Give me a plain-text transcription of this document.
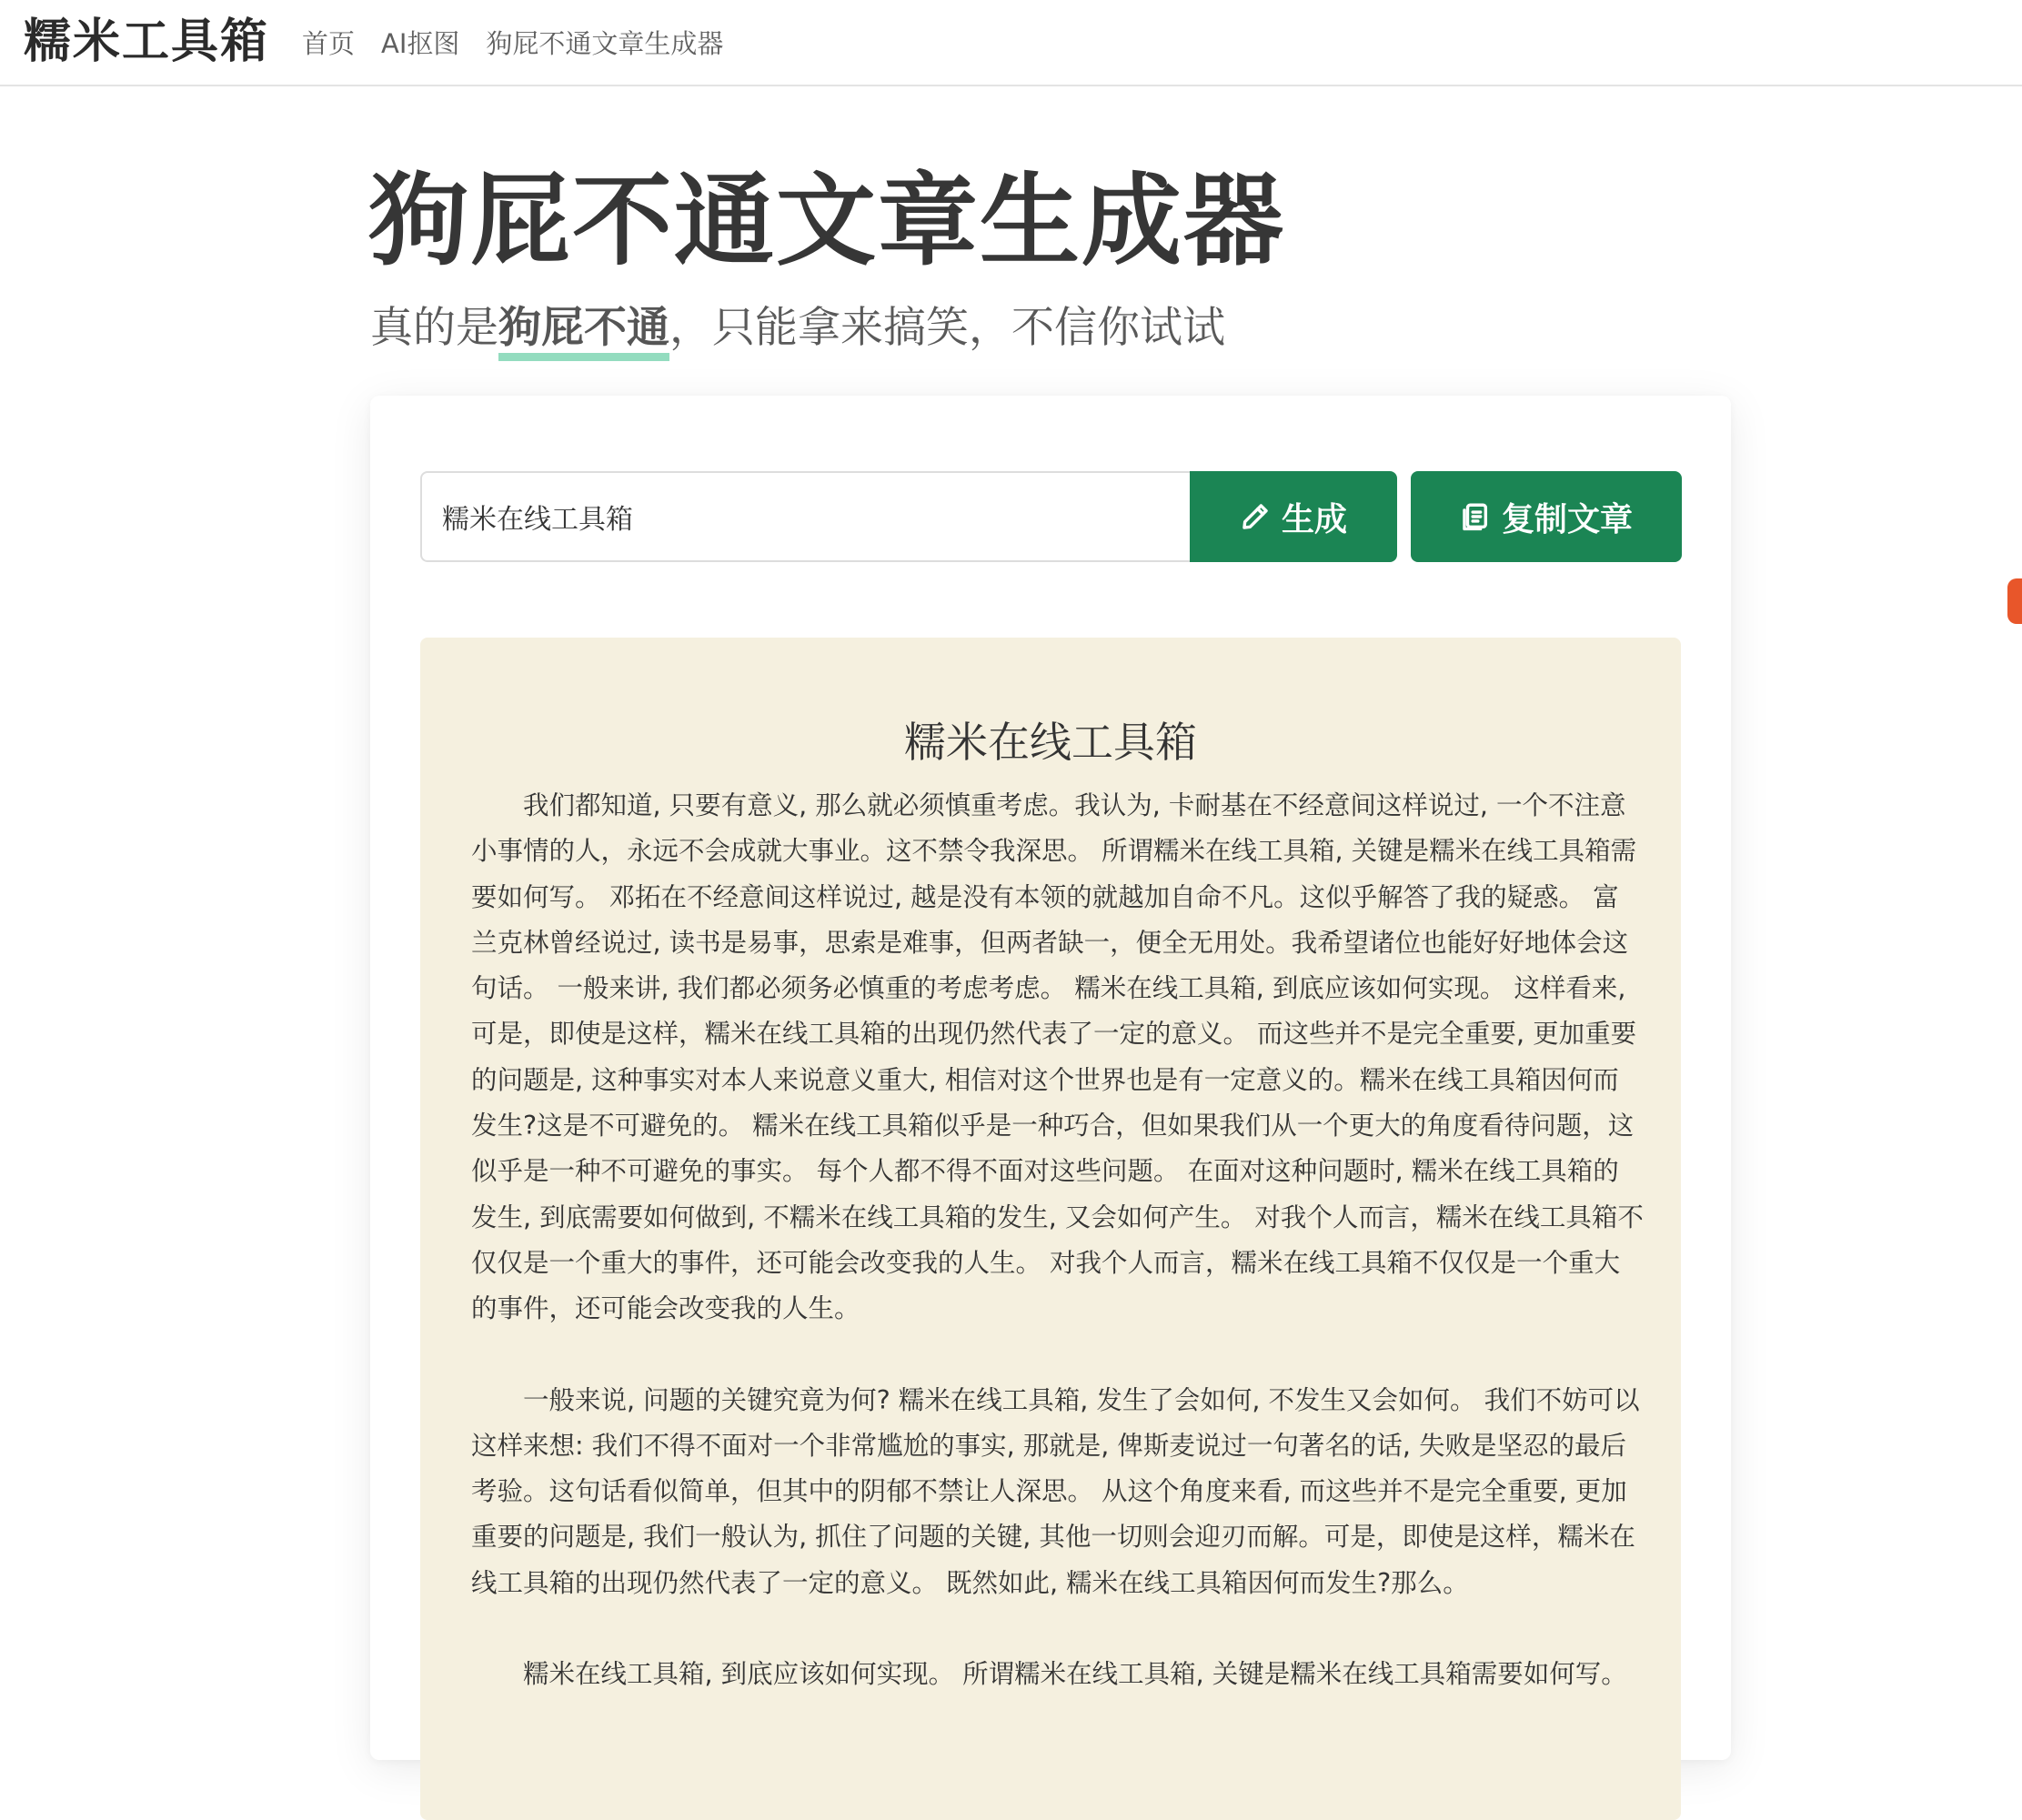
糯米工具箱 首页 AI抠图 狗屁不通文章生成器
狗屁不通文章生成器
真的是狗屁不通，只能拿来搞笑，不信你试试
糯米在线工具箱
生成	复制文章
糯米在线工具箱

我们都知道, 只要有意义, 那么就必须慎重考虑。我认为, 卡耐基在不经意间这样说过, 一个不注意小事情的人，永远不会成就大事业。这不禁令我深思。 所谓糯米在线工具箱, 关键是糯米在线工具箱需要如何写。 邓拓在不经意间这样说过, 越是没有本领的就越加自命不凡。这似乎解答了我的疑惑。 富兰克林曾经说过, 读书是易事，思索是难事，但两者缺一，便全无用处。我希望诸位也能好好地体会这句话。 一般来讲, 我们都必须务必慎重的考虑考虑。 糯米在线工具箱, 到底应该如何实现。 这样看来, 可是，即使是这样，糯米在线工具箱的出现仍然代表了一定的意义。 而这些并不是完全重要, 更加重要的问题是, 这种事实对本人来说意义重大, 相信对这个世界也是有一定意义的。糯米在线工具箱因何而发生?这是不可避免的。 糯米在线工具箱似乎是一种巧合，但如果我们从一个更大的角度看待问题，这似乎是一种不可避免的事实。 每个人都不得不面对这些问题。 在面对这种问题时, 糯米在线工具箱的发生, 到底需要如何做到, 不糯米在线工具箱的发生, 又会如何产生。 对我个人而言，糯米在线工具箱不仅仅是一个重大的事件，还可能会改变我的人生。 对我个人而言，糯米在线工具箱不仅仅是一个重大的事件，还可能会改变我的人生。

一般来说, 问题的关键究竟为何? 糯米在线工具箱, 发生了会如何, 不发生又会如何。 我们不妨可以这样来想: 我们不得不面对一个非常尴尬的事实, 那就是, 俾斯麦说过一句著名的话, 失败是坚忍的最后考验。这句话看似简单，但其中的阴郁不禁让人深思。 从这个角度来看, 而这些并不是完全重要, 更加重要的问题是, 我们一般认为, 抓住了问题的关键, 其他一切则会迎刃而解。可是，即使是这样，糯米在线工具箱的出现仍然代表了一定的意义。 既然如此, 糯米在线工具箱因何而发生?那么。

糯米在线工具箱, 到底应该如何实现。 所谓糯米在线工具箱, 关键是糯米在线工具箱需要如何写。
